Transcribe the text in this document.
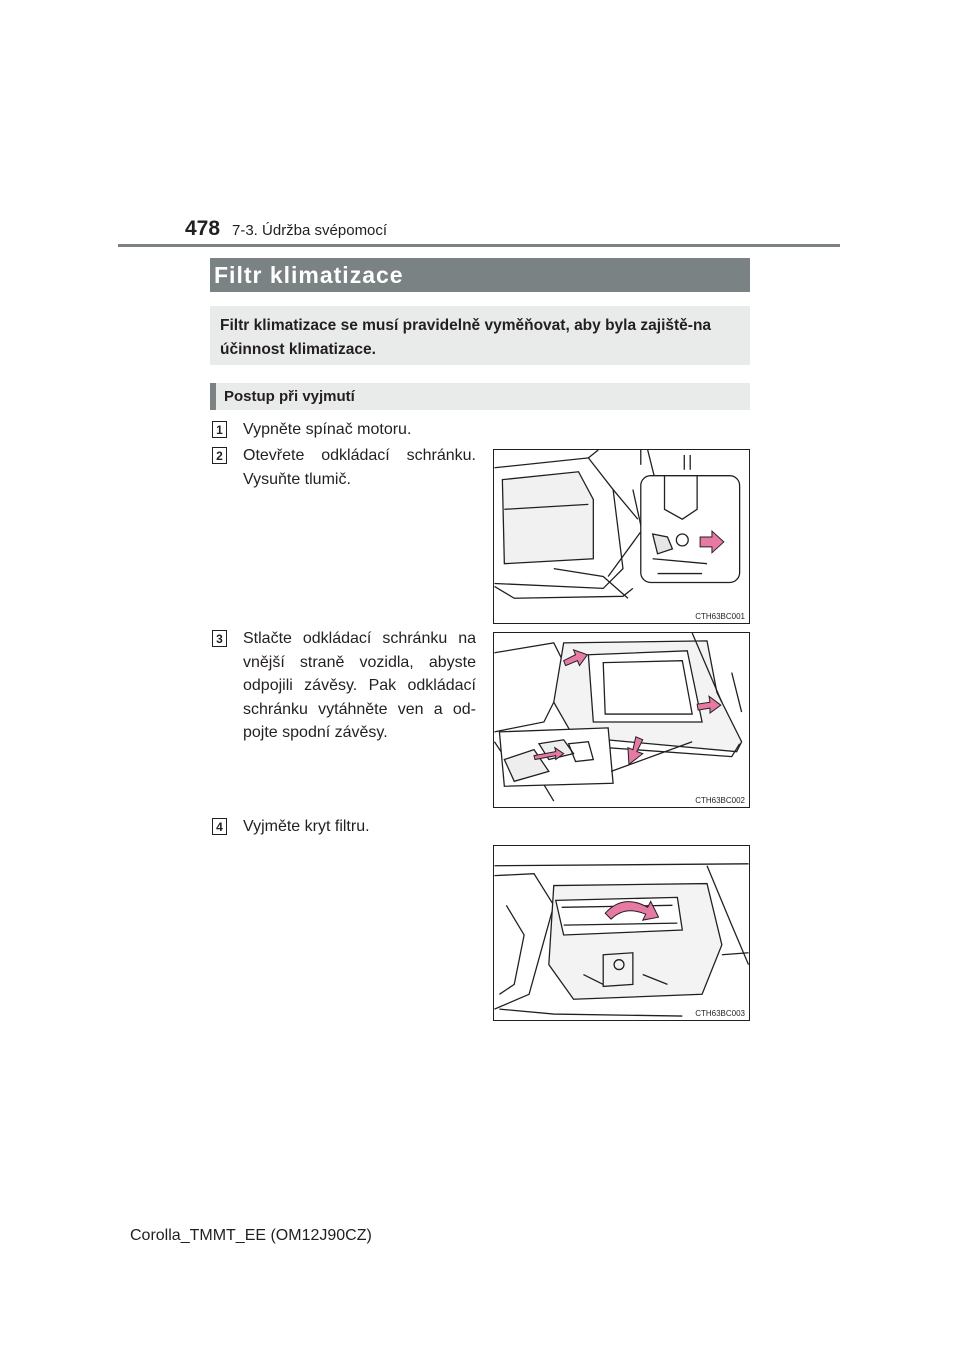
478 7-3. Údržba svépomocí
Filtr klimatizace
Filtr klimatizace se musí pravidelně vyměňovat, aby byla zajiště-na účinnost klimatizace.
Postup při vyjmutí
1 Vypněte spínač motoru.
2 Otevřete odkládací schránku. Vysuňte tlumič.
CTH63BC001
3 Stlačte odkládací schránku na vnější straně vozidla, abyste odpojili závěsy. Pak odkládací schránku vytáhněte ven a od-pojte spodní závěsy.
CTH63BC002
4 Vyjměte kryt filtru.
CTH63BC003
Corolla_TMMT_EE (OM12J90CZ)
